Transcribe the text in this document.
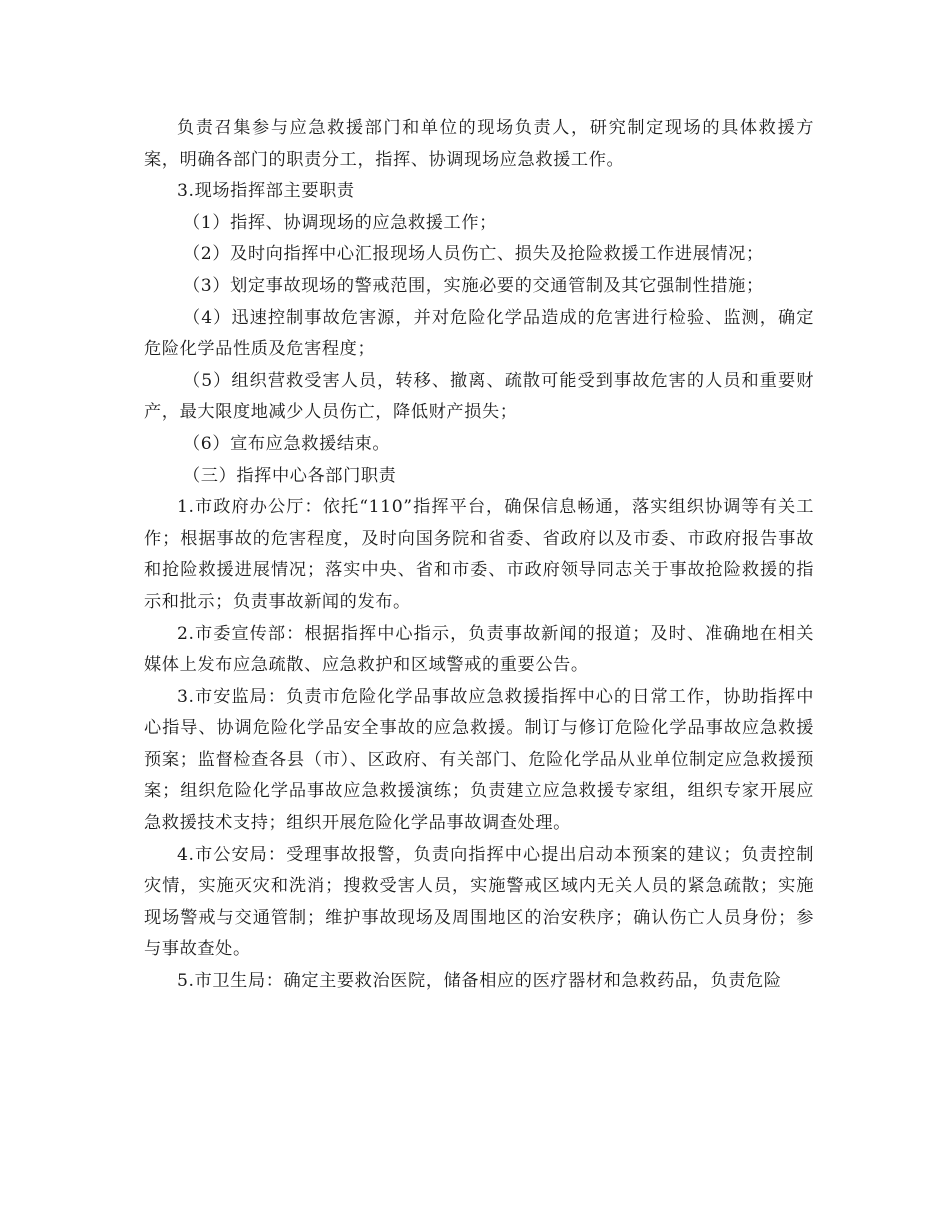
负责召集参与应急救援部门和单位的现场负责人，研究制定现场的具体救援方案，明确各部门的职责分工，指挥、协调现场应急救援工作。

3.现场指挥部主要职责

（1）指挥、协调现场的应急救援工作；

（2）及时向指挥中心汇报现场人员伤亡、损失及抢险救援工作进展情况；

（3）划定事故现场的警戒范围，实施必要的交通管制及其它强制性措施；

（4）迅速控制事故危害源，并对危险化学品造成的危害进行检验、监测，确定危险化学品性质及危害程度；

（5）组织营救受害人员，转移、撤离、疏散可能受到事故危害的人员和重要财产，最大限度地减少人员伤亡，降低财产损失；

（6）宣布应急救援结束。

（三）指挥中心各部门职责

1.市政府办公厅：依托“110”指挥平台，确保信息畅通，落实组织协调等有关工作；根据事故的危害程度，及时向国务院和省委、省政府以及市委、市政府报告事故和抢险救援进展情况；落实中央、省和市委、市政府领导同志关于事故抢险救援的指示和批示；负责事故新闻的发布。

2.市委宣传部：根据指挥中心指示，负责事故新闻的报道；及时、准确地在相关媒体上发布应急疏散、应急救护和区域警戒的重要公告。

3.市安监局：负责市危险化学品事故应急救援指挥中心的日常工作，协助指挥中心指导、协调危险化学品安全事故的应急救援。制订与修订危险化学品事故应急救援预案；监督检查各县（市）、区政府、有关部门、危险化学品从业单位制定应急救援预案；组织危险化学品事故应急救援演练；负责建立应急救援专家组，组织专家开展应急救援技术支持；组织开展危险化学品事故调查处理。

4.市公安局：受理事故报警，负责向指挥中心提出启动本预案的建议；负责控制灾情，实施灭灾和洗消；搜救受害人员，实施警戒区域内无关人员的紧急疏散；实施现场警戒与交通管制；维护事故现场及周围地区的治安秩序；确认伤亡人员身份；参与事故查处。

5.市卫生局：确定主要救治医院，储备相应的医疗器材和急救药品，负责危险
